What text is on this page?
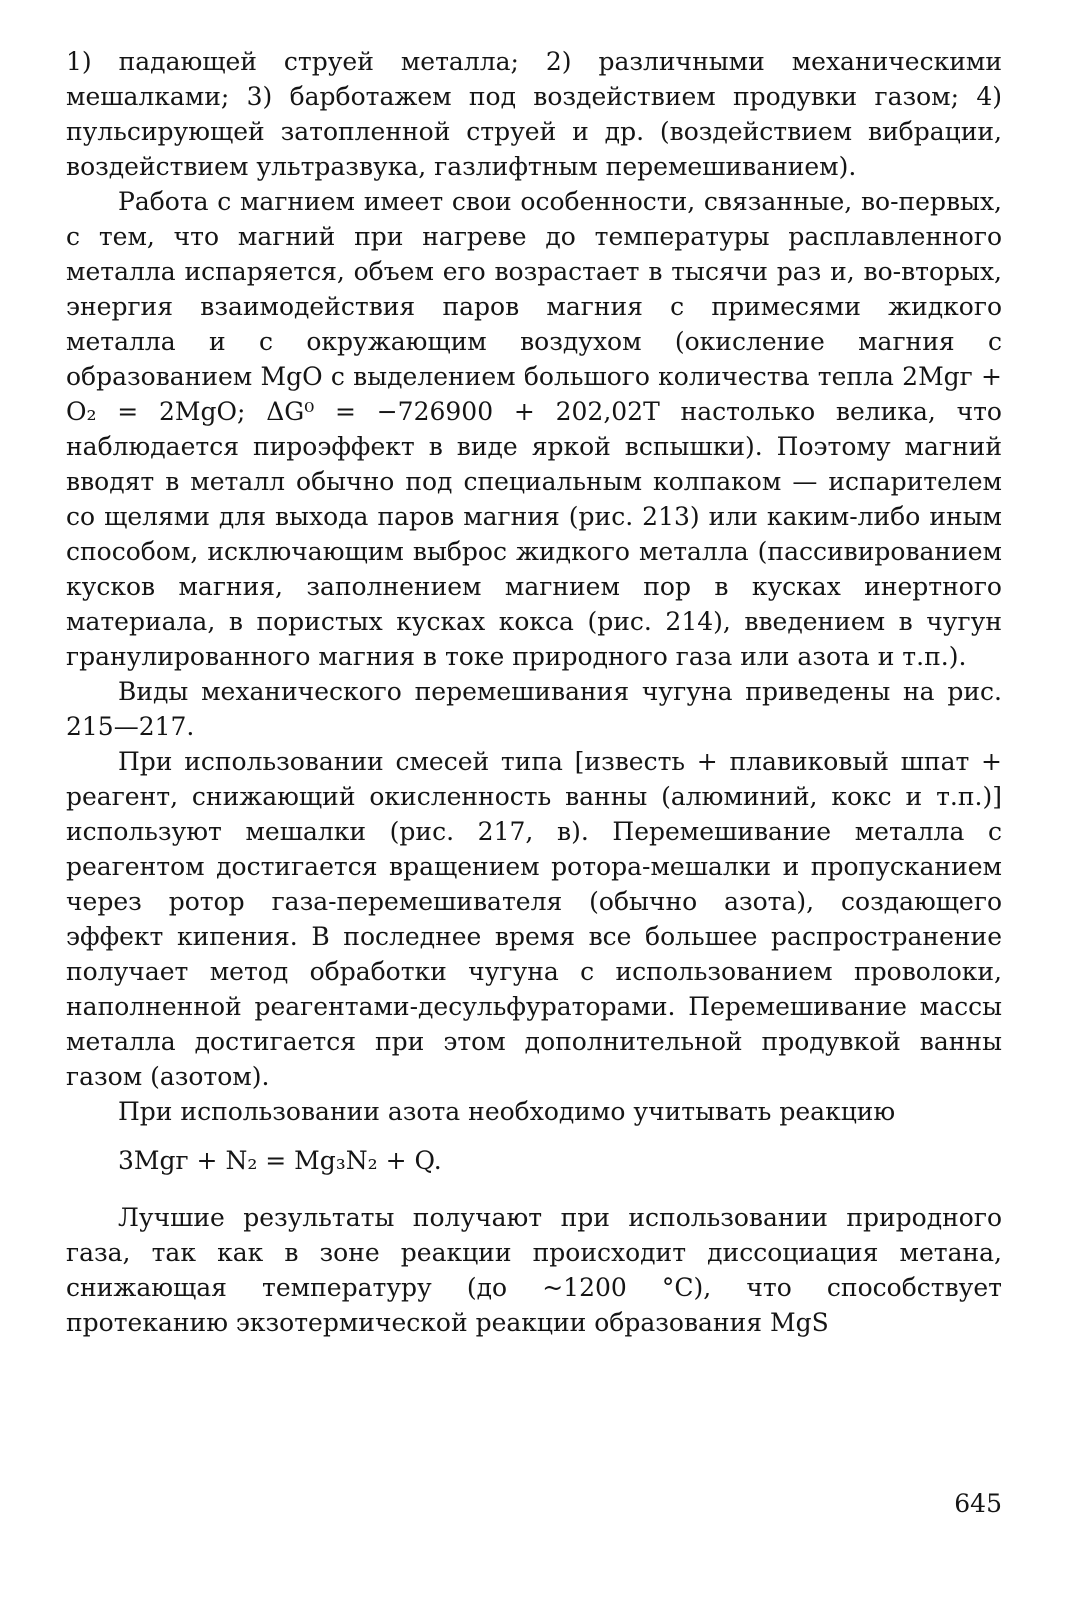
1) падающей струей металла; 2) различными механическими мешалками; 3) барботажем под воздействием продувки газом; 4) пульсирующей затопленной струей и др. (воздействием вибрации, воздействием ультразвука, газлифтным перемешиванием).

Работа с магнием имеет свои особенности, связанные, во-первых, с тем, что магний при нагреве до температуры расплавленного металла испаряется, объем его возрастает в тысячи раз и, во-вторых, энергия взаимодействия паров магния с примесями жидкого металла и с окружающим воздухом (окисление магния с образованием MgO с выделением большого количества тепла 2Mgг + O₂ = 2MgO; ΔG⁰ = −726900 + 202,02T настолько велика, что наблюдается пироэффект в виде яркой вспышки). Поэтому магний вводят в металл обычно под специальным колпаком — испарителем со щелями для выхода паров магния (рис. 213) или каким-либо иным способом, исключающим выброс жидкого металла (пассивированием кусков магния, заполнением магнием пор в кусках инертного материала, в пористых кусках кокса (рис. 214), введением в чугун гранулированного магния в токе природного газа или азота и т.п.).

Виды механического перемешивания чугуна приведены на рис. 215—217.

При использовании смесей типа [известь + плавиковый шпат + реагент, снижающий окисленность ванны (алюминий, кокс и т.п.)] используют мешалки (рис. 217, в). Перемешивание металла с реагентом достигается вращением ротора-мешалки и пропусканием через ротор газа-перемешивателя (обычно азота), создающего эффект кипения. В последнее время все большее распространение получает метод обработки чугуна с использованием проволоки, наполненной реагентами-десульфураторами. Перемешивание массы металла достигается при этом дополнительной продувкой ванны газом (азотом).

При использовании азота необходимо учитывать реакцию

3Mgг + N₂ = Mg₃N₂ + Q.

Лучшие результаты получают при использовании природного газа, так как в зоне реакции происходит диссоциация метана, снижающая температуру (до ~1200 °С), что способствует протеканию экзотермической реакции образования MgS

645
